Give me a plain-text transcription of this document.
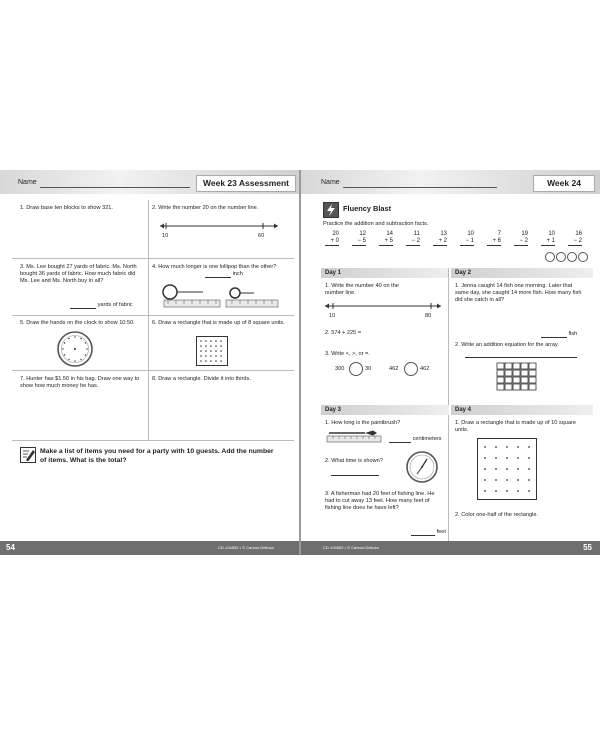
Name	Week 23 Assessment
1. Draw base ten blocks to show 321.	2. Write the number 20 on the number line.
10	60
3. Ms. Lee bought 27 yards of fabric. Ms. North bought 36 yards of fabric. How much fabric did Ms. Lee and Ms. North buy in all?
yards of fabric
4. How much longer is one lollipop than the other?
inch
5. Draw the hands on the clock to show 10:50.	6. Draw a rectangle that is made up of 8 square units.
7. Hunter has $1.50 in his bag. Draw one way to show how much money he has.
8. Draw a rectangle. Divide it into thirds.
Make a list of items you need for a party with 10 guests. Add the number of items. What is the total?
54	CD-104592 • © Carson-Dellosa
Name	Week 24
Fluency Blast
Practice the addition and subtraction facts.
20
+ 0
12
− 5
14
+ 5
11
− 2
13
+ 2
10
− 1
7
+ 6
19
− 2
10
+ 1
16
− 2
Day 1	Day 2
1. Write the number 40 on the number line.
10	80
2. 574 + 225 =
3. Write <, >, or =.
300	30	462	462
1. Jenna caught 14 fish one morning. Later that same day, she caught 14 more fish. How many fish did she catch in all?
fish
2. Write an addition equation for the array.
Day 3	Day 4
1. How long is the paintbrush?
centimeters
2. What time is shown?
3. A fisherman had 20 feet of fishing line. He had to cut away 13 feet. How many feet of fishing line does he have left?
feet
1. Draw a rectangle that is made up of 10 square units.
2. Color one-half of the rectangle.
CD-104592 • © Carson-Dellosa	55
